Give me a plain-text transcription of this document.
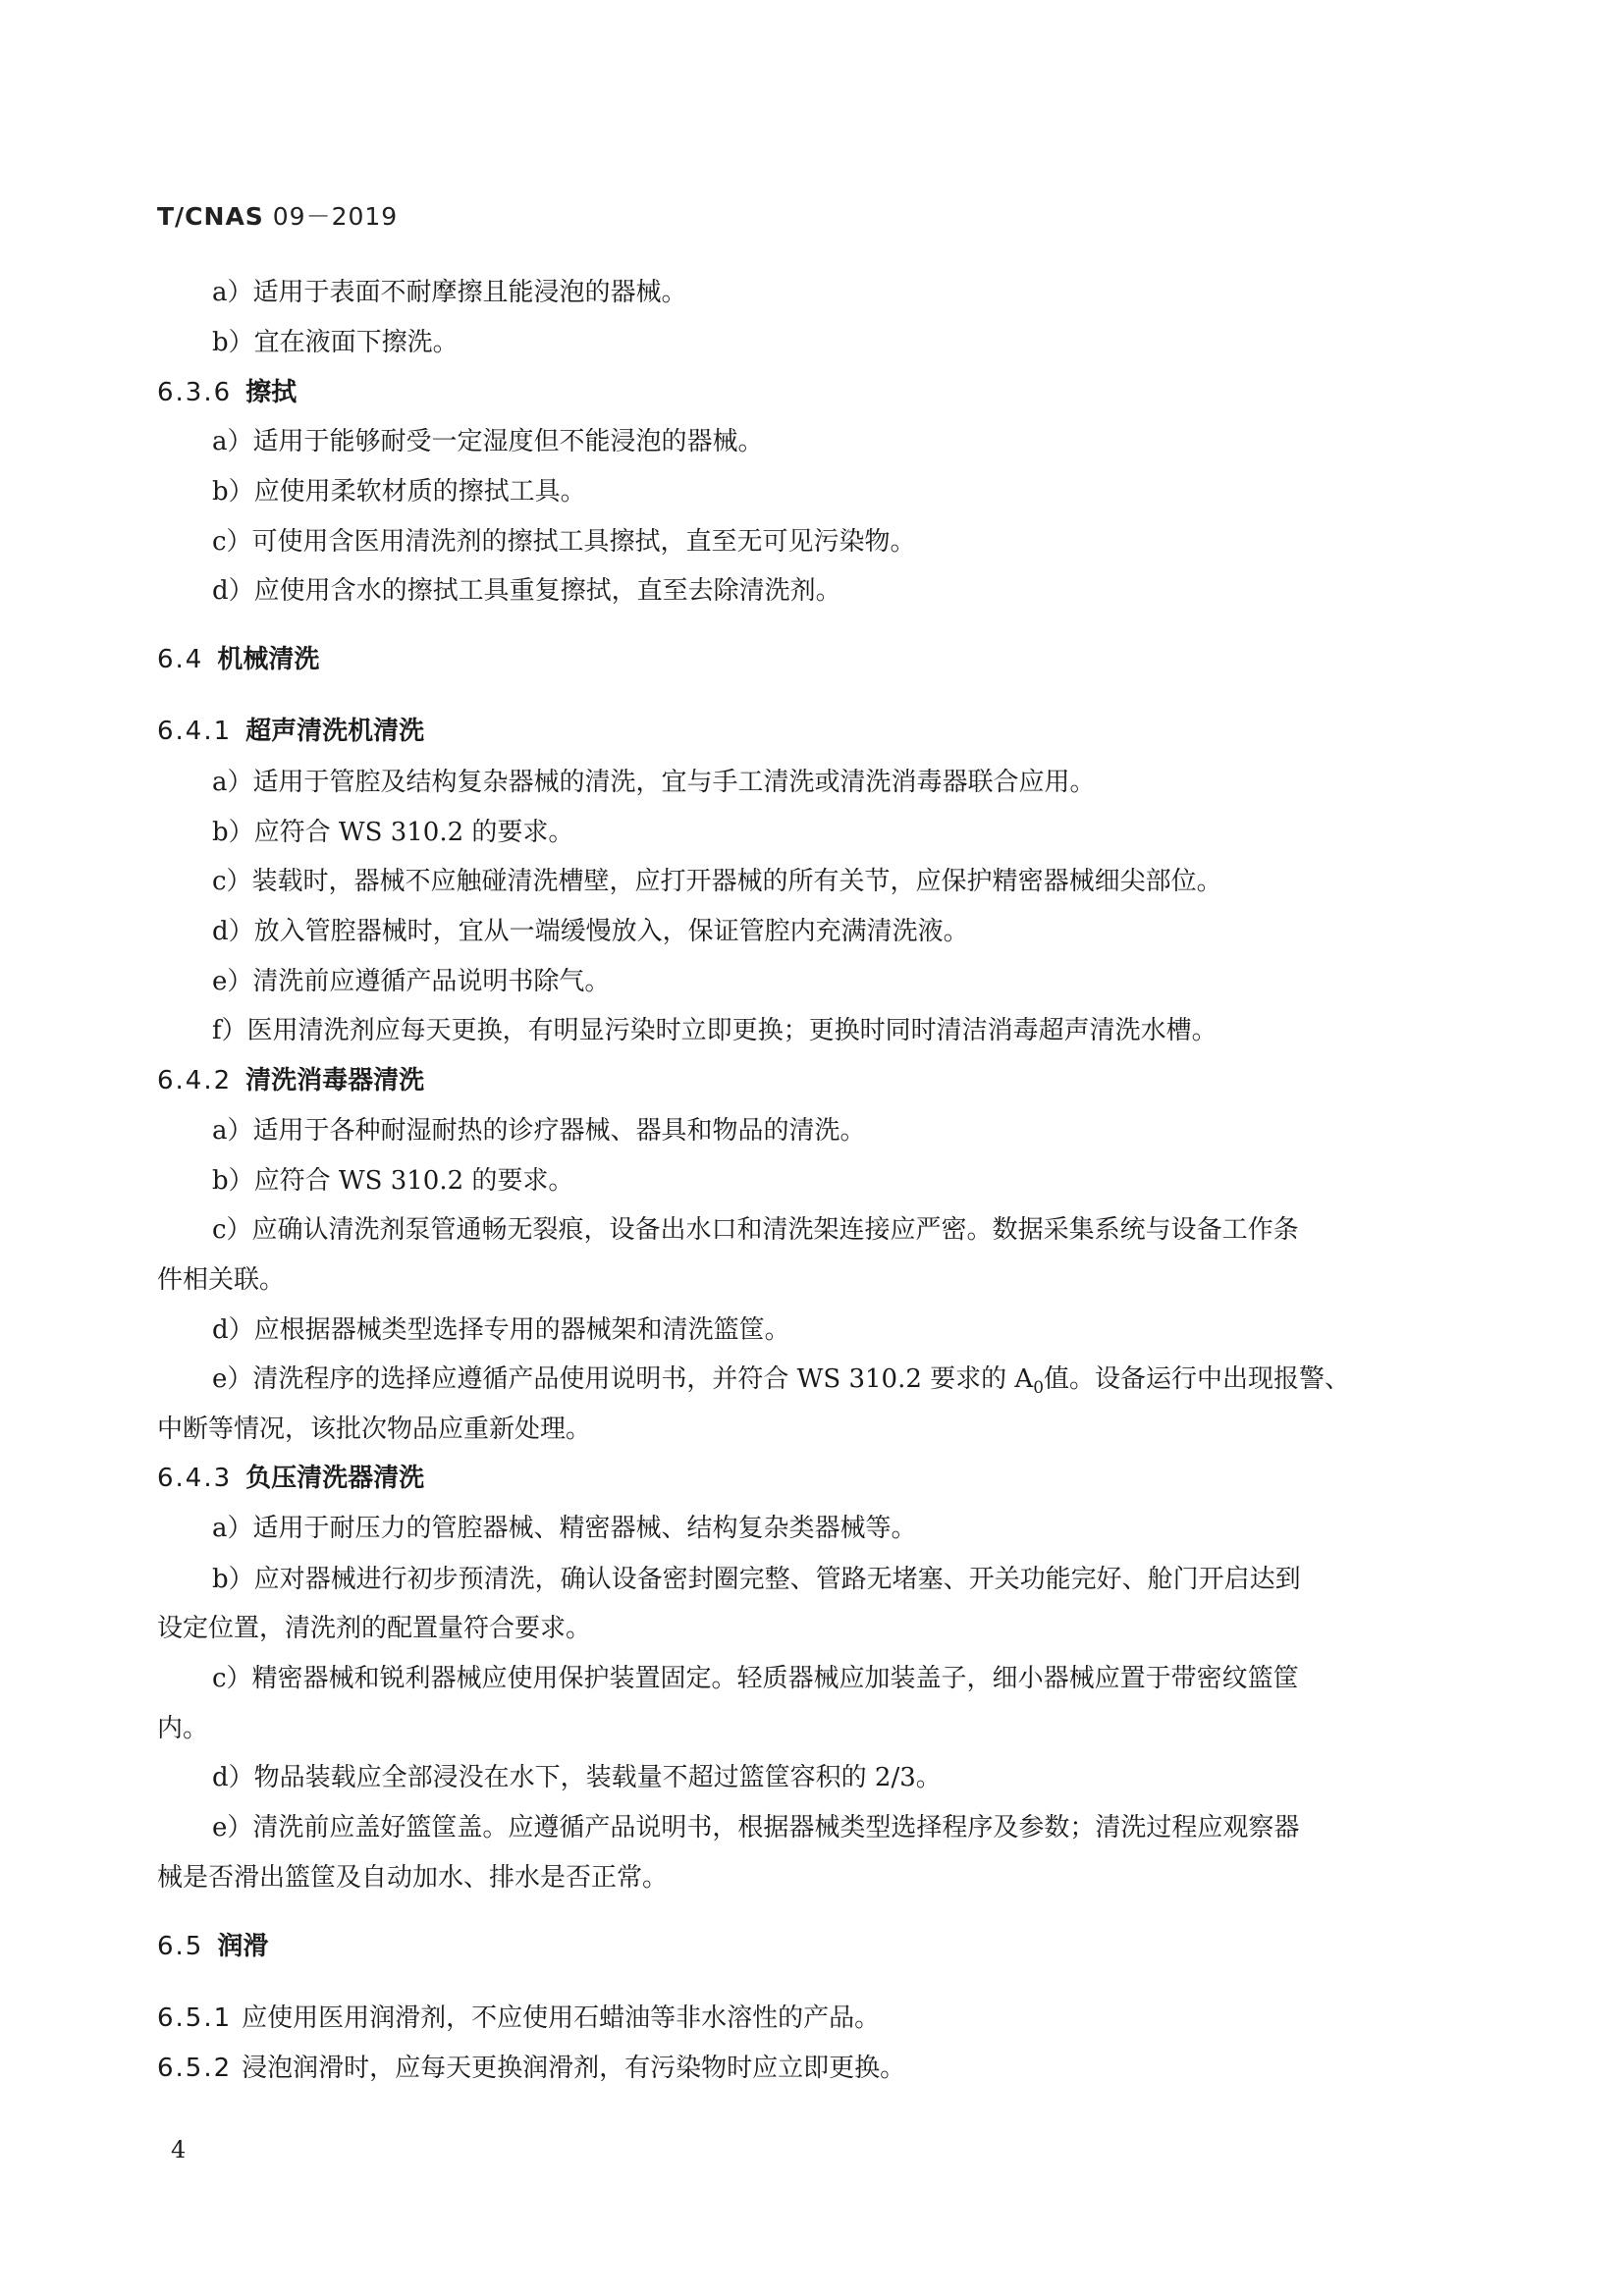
T/CNAS 09－2019
a）适用于表面不耐摩擦且能浸泡的器械。
b）宜在液面下擦洗。
6.3.6 擦拭
a）适用于能够耐受一定湿度但不能浸泡的器械。
b）应使用柔软材质的擦拭工具。
c）可使用含医用清洗剂的擦拭工具擦拭，直至无可见污染物。
d）应使用含水的擦拭工具重复擦拭，直至去除清洗剂。
6.4 机械清洗
6.4.1 超声清洗机清洗
a）适用于管腔及结构复杂器械的清洗，宜与手工清洗或清洗消毒器联合应用。
b）应符合 WS 310.2 的要求。
c）装载时，器械不应触碰清洗槽壁，应打开器械的所有关节，应保护精密器械细尖部位。
d）放入管腔器械时，宜从一端缓慢放入，保证管腔内充满清洗液。
e）清洗前应遵循产品说明书除气。
f）医用清洗剂应每天更换，有明显污染时立即更换；更换时同时清洁消毒超声清洗水槽。
6.4.2 清洗消毒器清洗
a）适用于各种耐湿耐热的诊疗器械、器具和物品的清洗。
b）应符合 WS 310.2 的要求。
c）应确认清洗剂泵管通畅无裂痕，设备出水口和清洗架连接应严密。数据采集系统与设备工作条
件相关联。
d）应根据器械类型选择专用的器械架和清洗篮筐。
e）清洗程序的选择应遵循产品使用说明书，并符合 WS 310.2 要求的 $A_0$值。设备运行中出现报警、
中断等情况，该批次物品应重新处理。
6.4.3 负压清洗器清洗
a）适用于耐压力的管腔器械、精密器械、结构复杂类器械等。
b）应对器械进行初步预清洗，确认设备密封圈完整、管路无堵塞、开关功能完好、舱门开启达到
设定位置，清洗剂的配置量符合要求。
c）精密器械和锐利器械应使用保护装置固定。轻质器械应加装盖子，细小器械应置于带密纹篮筐
内。
d）物品装载应全部浸没在水下，装载量不超过篮筐容积的 2/3。
e）清洗前应盖好篮筐盖。应遵循产品说明书，根据器械类型选择程序及参数；清洗过程应观察器
械是否滑出篮筐及自动加水、排水是否正常。
6.5 润滑
6.5.1 应使用医用润滑剂，不应使用石蜡油等非水溶性的产品。
6.5.2 浸泡润滑时，应每天更换润滑剂，有污染物时应立即更换。
4
